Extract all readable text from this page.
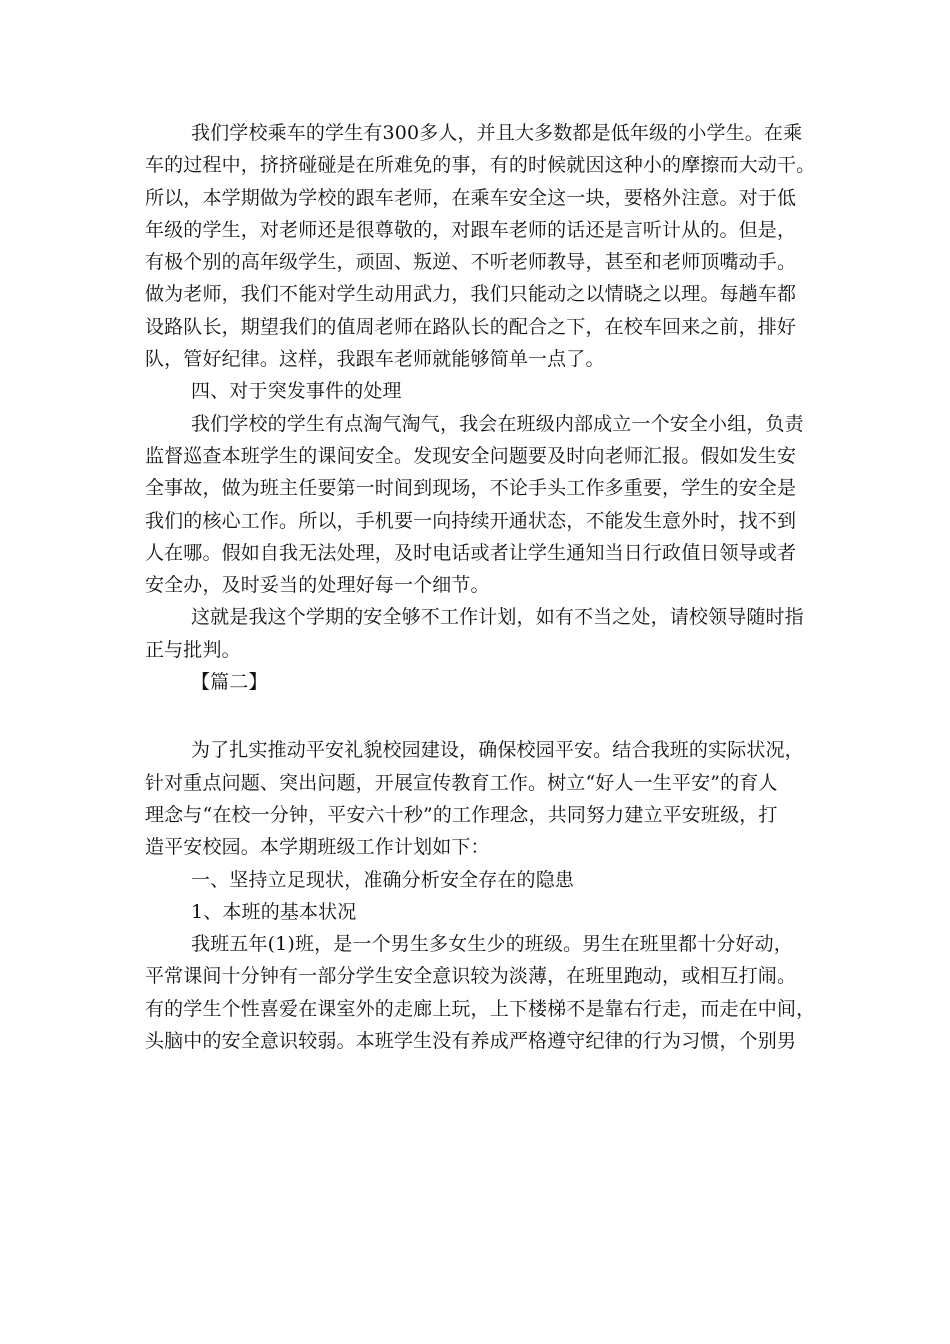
我们学校乘车的学生有300多人，并且大多数都是低年级的小学生。在乘
车的过程中，挤挤碰碰是在所难免的事，有的时候就因这种小的摩擦而大动干。
所以，本学期做为学校的跟车老师，在乘车安全这一块，要格外注意。对于低
年级的学生，对老师还是很尊敬的，对跟车老师的话还是言听计从的。但是，
有极个别的高年级学生，顽固、叛逆、不听老师教导，甚至和老师顶嘴动手。
做为老师，我们不能对学生动用武力，我们只能动之以情晓之以理。每趟车都
设路队长，期望我们的值周老师在路队长的配合之下，在校车回来之前，排好
队，管好纪律。这样，我跟车老师就能够简单一点了。
四、对于突发事件的处理
我们学校的学生有点淘气淘气，我会在班级内部成立一个安全小组，负责
监督巡查本班学生的课间安全。发现安全问题要及时向老师汇报。假如发生安
全事故，做为班主任要第一时间到现场，不论手头工作多重要，学生的安全是
我们的核心工作。所以，手机要一向持续开通状态，不能发生意外时，找不到
人在哪。假如自我无法处理，及时电话或者让学生通知当日行政值日领导或者
安全办，及时妥当的处理好每一个细节。
这就是我这个学期的安全够不工作计划，如有不当之处，请校领导随时指
正与批判。
【篇二】
为了扎实推动平安礼貌校园建设，确保校园平安。结合我班的实际状况，
针对重点问题、突出问题，开展宣传教育工作。树立“好人一生平安”的育人
理念与“在校一分钟，平安六十秒”的工作理念，共同努力建立平安班级，打
造平安校园。本学期班级工作计划如下：
一、坚持立足现状，准确分析安全存在的隐患
1、本班的基本状况
我班五年(1)班，是一个男生多女生少的班级。男生在班里都十分好动，
平常课间十分钟有一部分学生安全意识较为淡薄，在班里跑动，或相互打闹。
有的学生个性喜爱在课室外的走廊上玩，上下楼梯不是靠右行走，而走在中间，
头脑中的安全意识较弱。本班学生没有养成严格遵守纪律的行为习惯，个别男
